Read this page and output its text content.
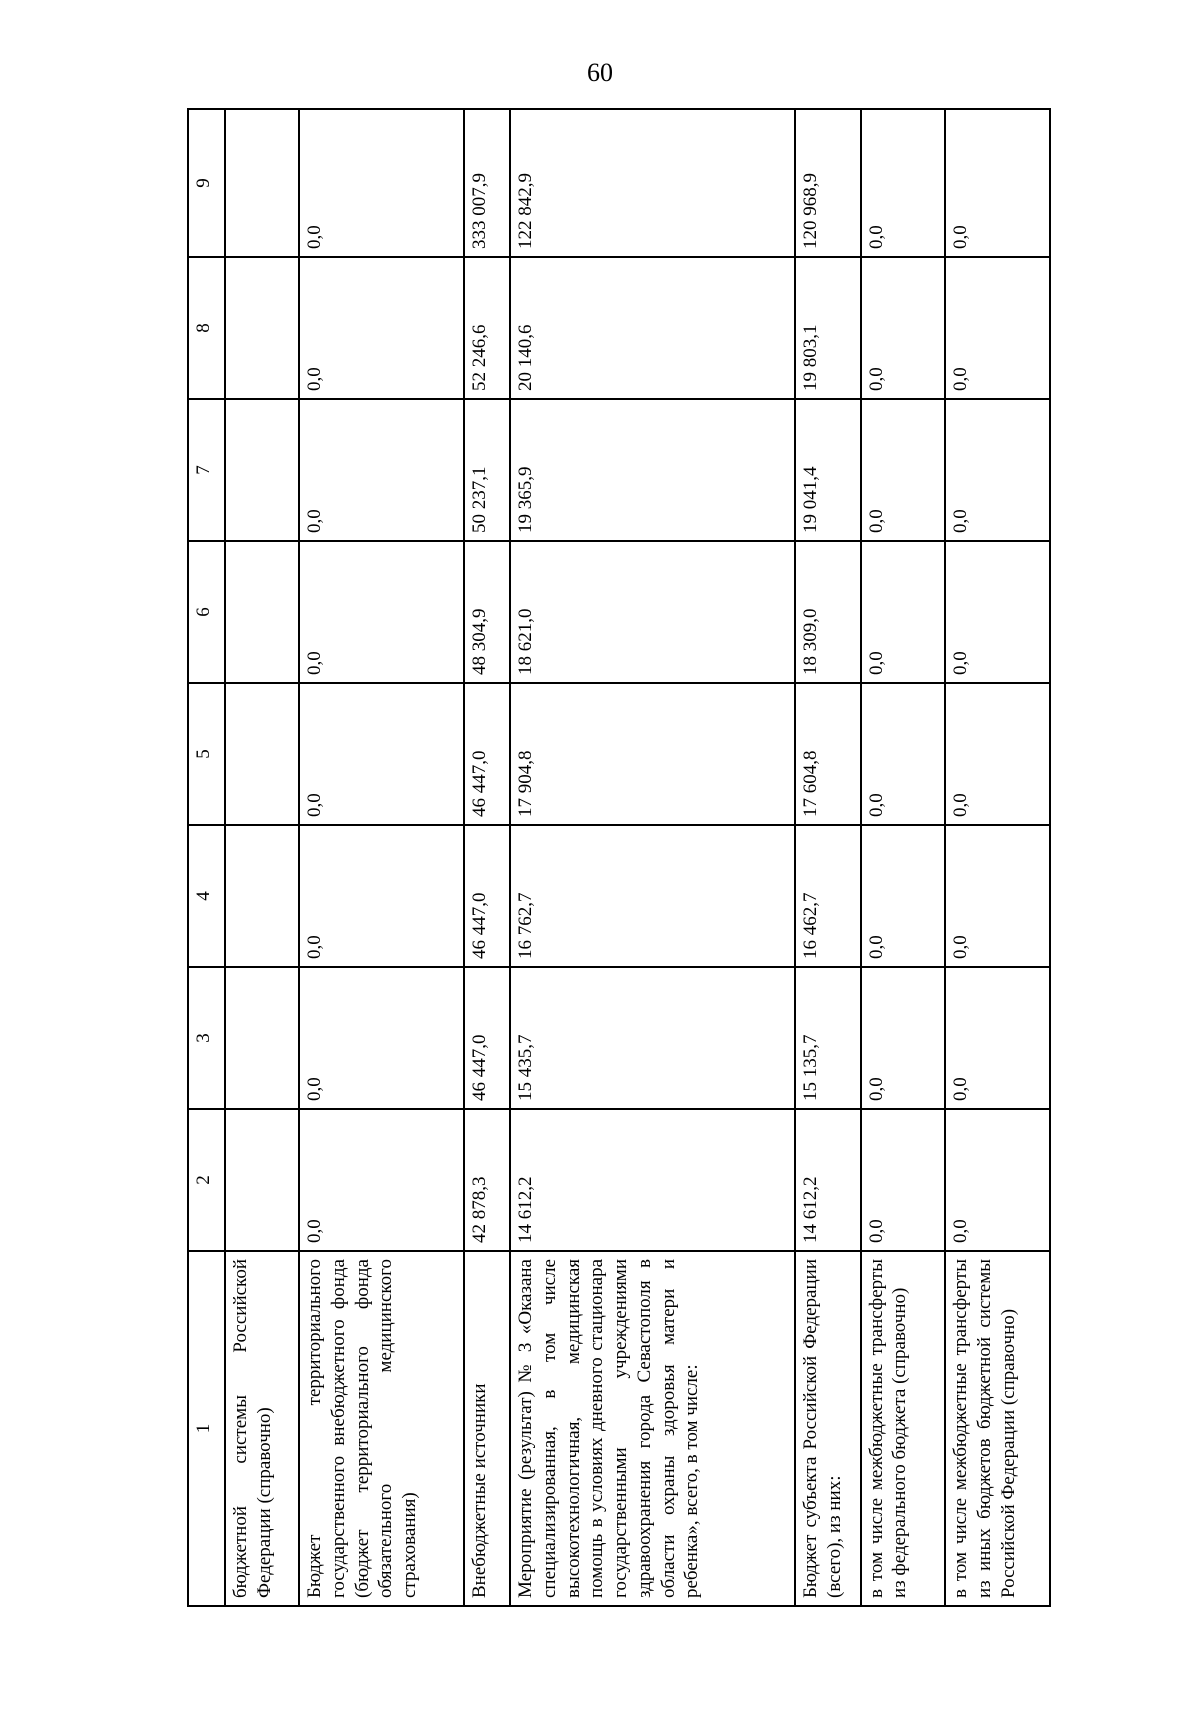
60
1	2	3	4	5	6	7	8	9
бюджетной системы Российской Федерации (справочно)								
Бюджет территориального государственного внебюджетного фонда (бюджет территориального фонда обязательного медицинского страхования)	0,0	0,0	0,0	0,0	0,0	0,0	0,0	0,0
Внебюджетные источники	42 878,3	46 447,0	46 447,0	46 447,0	48 304,9	50 237,1	52 246,6	333 007,9
Мероприятие (результат) № 3 «Оказана специализированная, в том числе высокотехнологичная, медицинская помощь в условиях дневного стационара государственными учреждениями здравоохранения города Севастополя в области охраны здоровья матери и ребенка», всего, в том числе:	14 612,2	15 435,7	16 762,7	17 904,8	18 621,0	19 365,9	20 140,6	122 842,9
Бюджет субъекта Российской Федерации (всего), из них:	14 612,2	15 135,7	16 462,7	17 604,8	18 309,0	19 041,4	19 803,1	120 968,9
в том числе межбюджетные трансферты из федерального бюджета (справочно)	0,0	0,0	0,0	0,0	0,0	0,0	0,0	0,0
в том числе межбюджетные трансферты из иных бюджетов бюджетной системы Российской Федерации (справочно)	0,0	0,0	0,0	0,0	0,0	0,0	0,0	0,0
